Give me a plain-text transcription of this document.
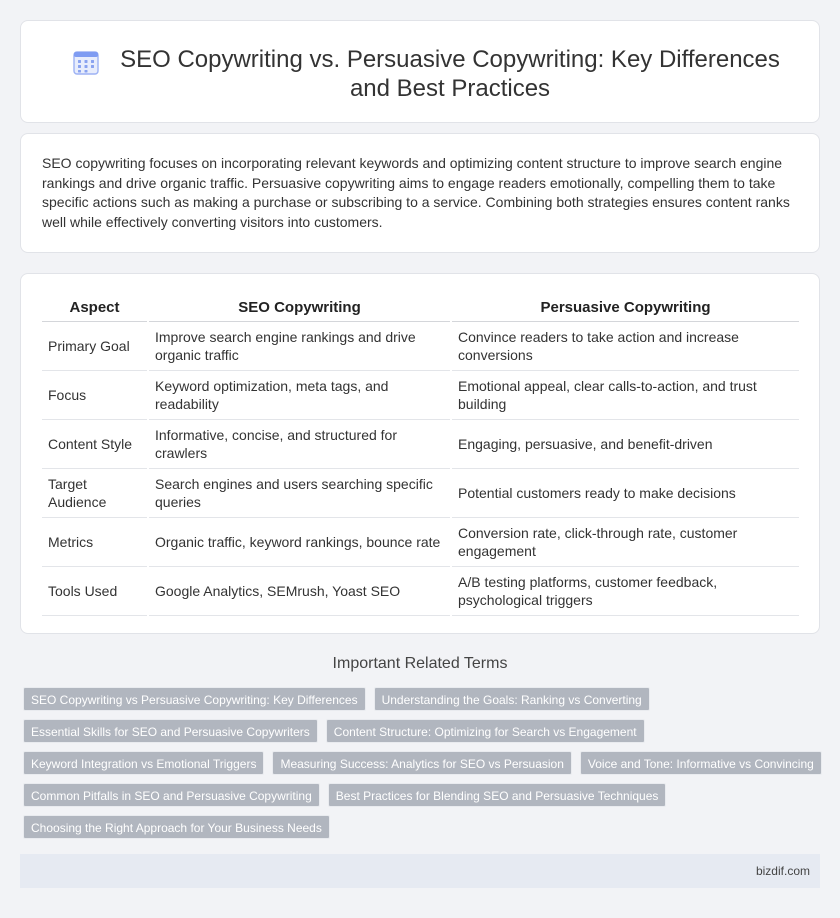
SEO Copywriting vs. Persuasive Copywriting: Key Differences and Best Practices

SEO copywriting focuses on incorporating relevant keywords and optimizing content structure to improve search engine rankings and drive organic traffic. Persuasive copywriting aims to engage readers emotionally, compelling them to take specific actions such as making a purchase or subscribing to a service. Combining both strategies ensures content ranks well while effectively converting visitors into customers.

Aspect	SEO Copywriting	Persuasive Copywriting
Primary Goal	Improve search engine rankings and drive organic traffic	Convince readers to take action and increase conversions
Focus	Keyword optimization, meta tags, and readability	Emotional appeal, clear calls-to-action, and trust building
Content Style	Informative, concise, and structured for crawlers	Engaging, persuasive, and benefit-driven
Target Audience	Search engines and users searching specific queries	Potential customers ready to make decisions
Metrics	Organic traffic, keyword rankings, bounce rate	Conversion rate, click-through rate, customer engagement
Tools Used	Google Analytics, SEMrush, Yoast SEO	A/B testing platforms, customer feedback, psychological triggers
Important Related Terms
SEO Copywriting vs Persuasive Copywriting: Key Differences	Understanding the Goals: Ranking vs Converting
Essential Skills for SEO and Persuasive Copywriters	Content Structure: Optimizing for Search vs Engagement
Keyword Integration vs Emotional Triggers	Measuring Success: Analytics for SEO vs Persuasion	Voice and Tone: Informative vs Convincing
Common Pitfalls in SEO and Persuasive Copywriting	Best Practices for Blending SEO and Persuasive Techniques
Choosing the Right Approach for Your Business Needs
bizdif.com
